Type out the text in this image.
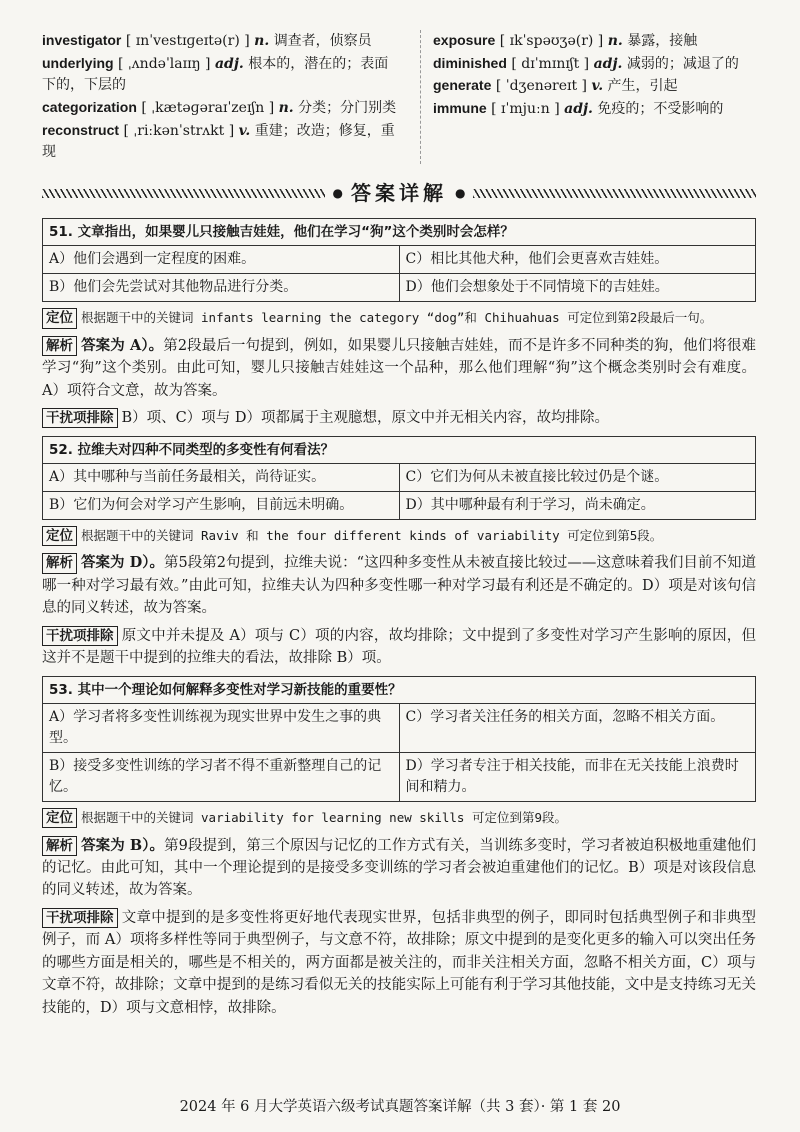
investigator [ ɪnˈvestɪɡeɪtə(r) ] n. 调查者，侦察员
underlying [ ˌʌndəˈlaɪɪŋ ] adj. 根本的，潜在的；表面下的，下层的
categorization [ ˌkætəɡəraɪˈzeɪʃn ] n. 分类；分门别类
reconstruct [ ˌriːkənˈstrʌkt ] v. 重建；改造；修复，重现
exposure [ ɪkˈspəʊʒə(r) ] n. 暴露，接触
diminished [ dɪˈmɪnɪʃt ] adj. 减弱的；减退了的
generate [ ˈdʒenəreɪt ] v. 产生，引起
immune [ ɪˈmjuːn ] adj. 免疫的；不受影响的
● 答案详解 ●
51. 文章指出，如果婴儿只接触吉娃娃，他们在学习“狗”这个类别时会怎样？	
A）他们会遇到一定程度的困难。	C）相比其他犬种，他们会更喜欢吉娃娃。
B）他们会先尝试对其他物品进行分类。	D）他们会想象处于不同情境下的吉娃娃。

定位 根据题干中的关键词 infants learning the category “dog”和 Chihuahuas 可定位到第2段最后一句。

解析 答案为 A）。第2段最后一句提到，例如，如果婴儿只接触吉娃娃，而不是许多不同种类的狗，他们将很难学习“狗”这个类别。由此可知，婴儿只接触吉娃娃这一个品种，那么他们理解“狗”这个概念类别时会有难度。A）项符合文意，故为答案。

干扰项排除 B）项、C）项与 D）项都属于主观臆想，原文中并无相关内容，故均排除。

52. 拉维夫对四种不同类型的多变性有何看法？	
A）其中哪种与当前任务最相关，尚待证实。	C）它们为何从未被直接比较过仍是个谜。
B）它们为何会对学习产生影响，目前远未明确。	D）其中哪种最有利于学习，尚未确定。

定位 根据题干中的关键词 Raviv 和 the four different kinds of variability 可定位到第5段。

解析 答案为 D）。第5段第2句提到，拉维夫说：“这四种多变性从未被直接比较过——这意味着我们目前不知道哪一种对学习最有效。”由此可知，拉维夫认为四种多变性哪一种对学习最有利还是不确定的。D）项是对该句信息的同义转述，故为答案。

干扰项排除 原文中并未提及 A）项与 C）项的内容，故均排除；文中提到了多变性对学习产生影响的原因，但这并不是题干中提到的拉维夫的看法，故排除 B）项。

53. 其中一个理论如何解释多变性对学习新技能的重要性？	
A）学习者将多变性训练视为现实世界中发生之事的典型。	C）学习者关注任务的相关方面，忽略不相关方面。
B）接受多变性训练的学习者不得不重新整理自己的记忆。	D）学习者专注于相关技能，而非在无关技能上浪费时间和精力。

定位 根据题干中的关键词 variability for learning new skills 可定位到第9段。

解析 答案为 B）。第9段提到，第三个原因与记忆的工作方式有关，当训练多变时，学习者被迫积极地重建他们的记忆。由此可知，其中一个理论提到的是接受多变训练的学习者会被迫重建他们的记忆。B）项是对该段信息的同义转述，故为答案。

干扰项排除 文章中提到的是多变性将更好地代表现实世界，包括非典型的例子，即同时包括典型例子和非典型例子，而 A）项将多样性等同于典型例子，与文意不符，故排除；原文中提到的是变化更多的输入可以突出任务的哪些方面是相关的，哪些是不相关的，两方面都是被关注的，而非关注相关方面，忽略不相关方面，C）项与文章不符，故排除；文章中提到的是练习看似无关的技能实际上可能有利于学习其他技能，文中是支持练习无关技能的，D）项与文意相悖，故排除。

2024 年 6 月大学英语六级考试真题答案详解（共 3 套）· 第 1 套 20
